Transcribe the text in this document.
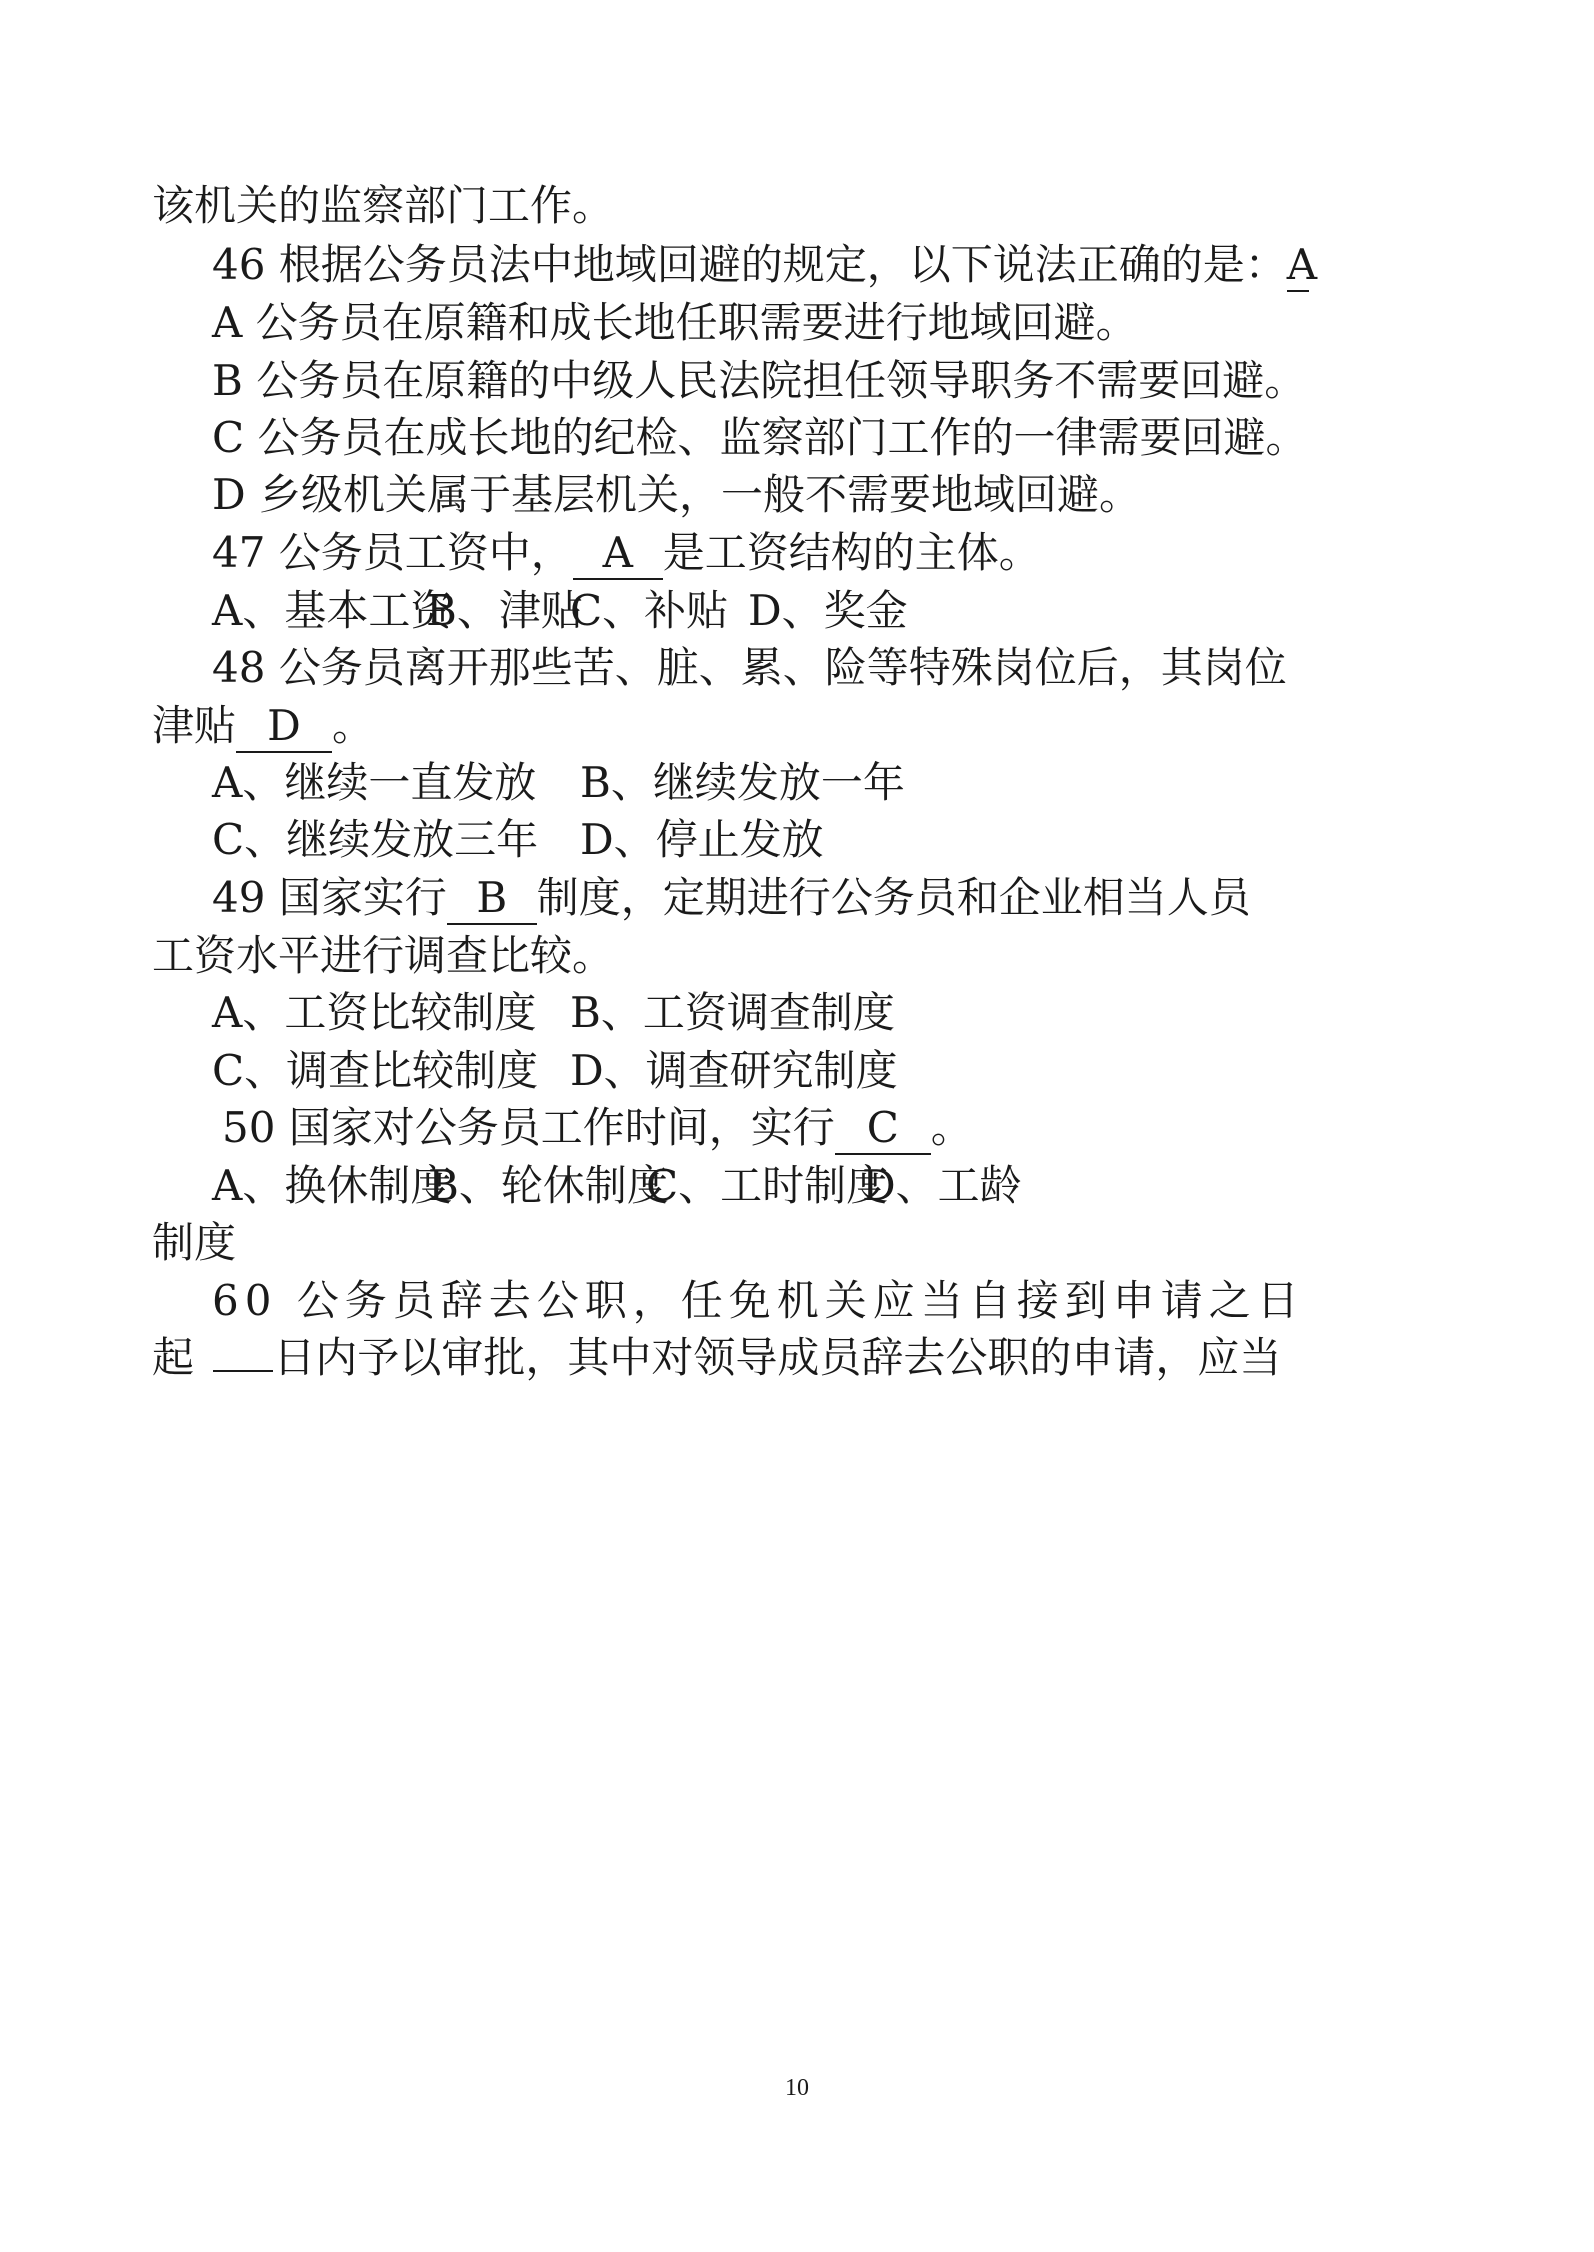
该机关的监察部门工作。

46 根据公务员法中地域回避的规定，以下说法正确的是：A

A 公务员在原籍和成长地任职需要进行地域回避。

B 公务员在原籍的中级人民法院担任领导职务不需要回避。

C 公务员在成长地的纪检、监察部门工作的一律需要回避。

D 乡级机关属于基层机关，一般不需要地域回避。

47 公务员工资中， A 是工资结构的主体。

A、基本工资
B、津贴
C、补贴 D、奖金

48 公务员离开那些苦、脏、累、险等特殊岗位后，其岗位

津贴 D 。

A、继续一直发放 B、继续发放一年
C、继续发放三年 D、停止发放

49 国家实行 B 制度，定期进行公务员和企业相当人员

工资水平进行调查比较。

A、工资比较制度 B、工资调查制度
C、调查比较制度 D、调查研究制度

50 国家对公务员工作时间，实行 C 。

A、换休制度
B、轮休制度
C、工时制度
D、工龄

制度

60 公务员辞去公职，任免机关应当自接到申请之日

起 日内予以审批，其中对领导成员辞去公职的申请，应当

10
